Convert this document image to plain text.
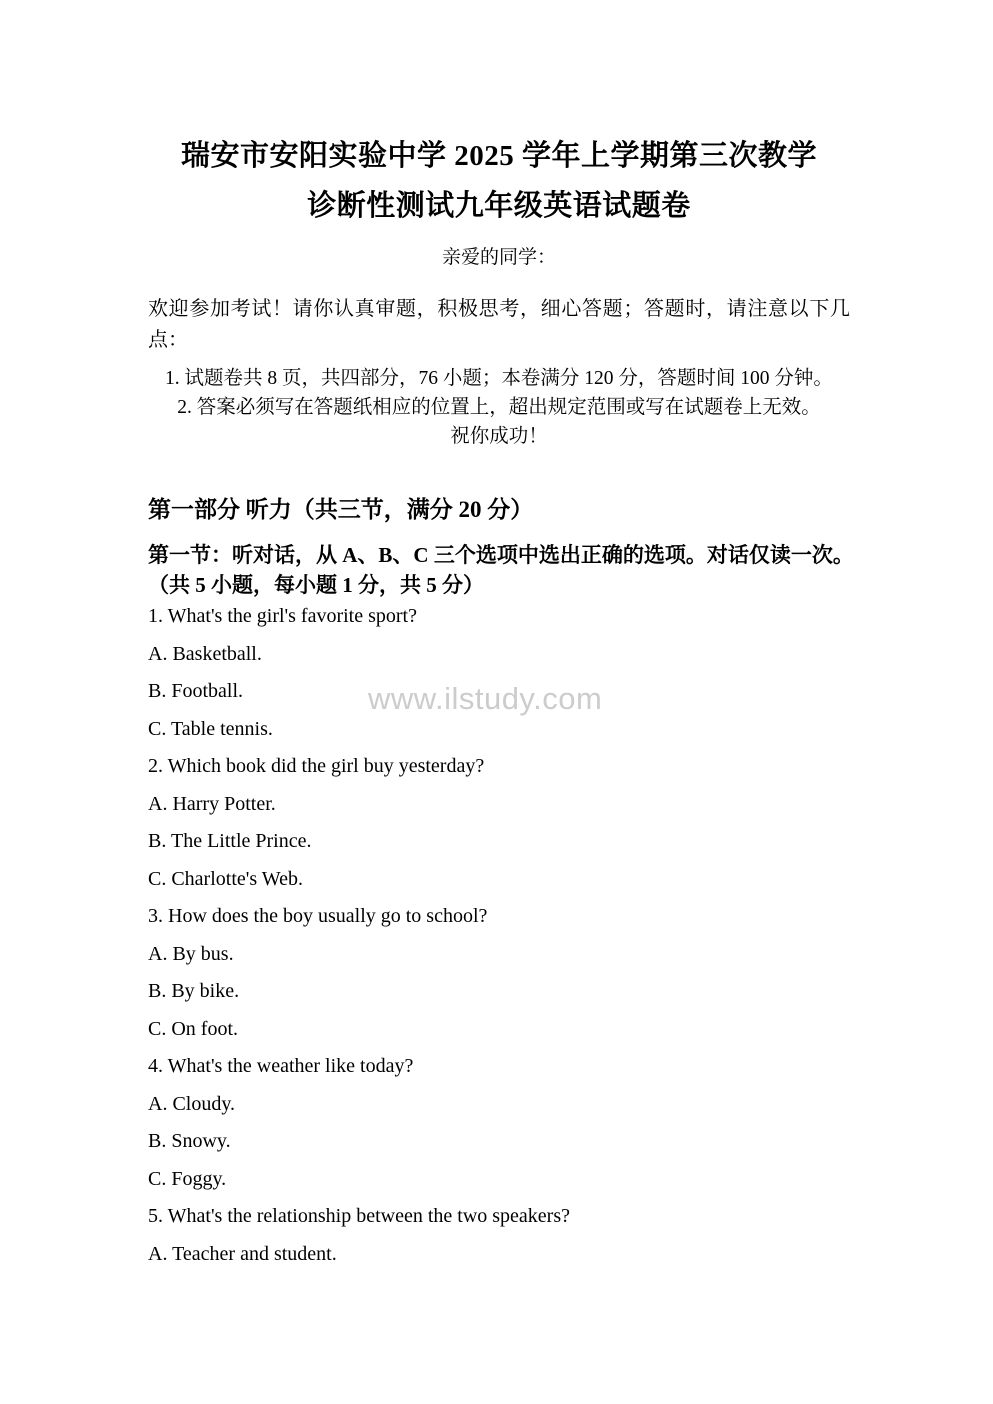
www.ilstudy.com
瑞安市安阳实验中学 2025 学年上学期第三次教学
诊断性测试九年级英语试题卷
亲爱的同学：
欢迎参加考试！请你认真审题，积极思考，细心答题；答题时，请注意以下几点：
1. 试题卷共 8 页，共四部分，76 小题；本卷满分 120 分，答题时间 100 分钟。
2. 答案必须写在答题纸相应的位置上，超出规定范围或写在试题卷上无效。
祝你成功！
第一部分 听力（共三节，满分 20 分）
第一节：听对话，从 A、B、C 三个选项中选出正确的选项。对话仅读一次。
（共 5 小题，每小题 1 分，共 5 分）
1. What's the girl's favorite sport?
A. Basketball.
B. Football.
C. Table tennis.
2. Which book did the girl buy yesterday?
A. Harry Potter.
B. The Little Prince.
C. Charlotte's Web.
3. How does the boy usually go to school?
A. By bus.
B. By bike.
C. On foot.
4. What's the weather like today?
A. Cloudy.
B. Snowy.
C. Foggy.
5. What's the relationship between the two speakers?
A. Teacher and student.
